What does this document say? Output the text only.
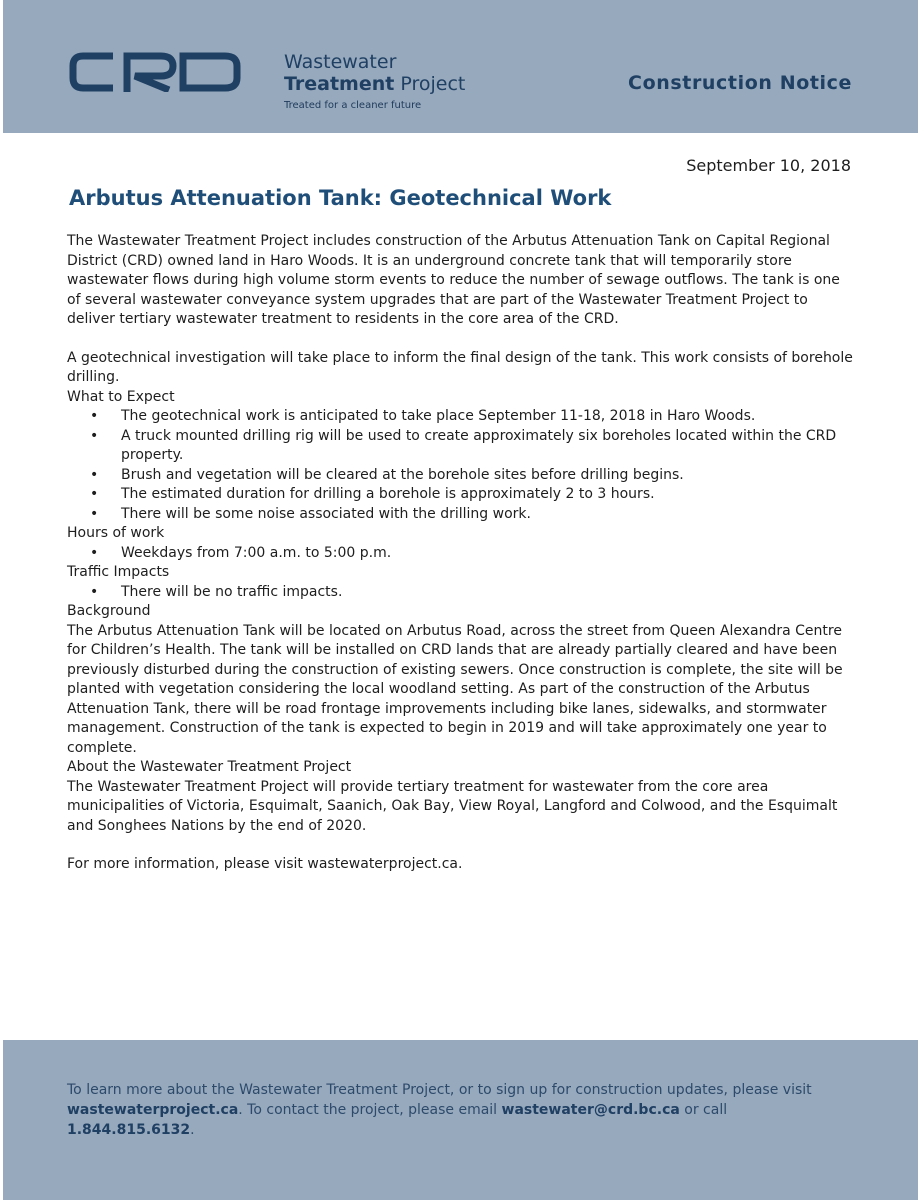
Wastewater
Treatment Project
Treated for a cleaner future
Construction Notice
September 10, 2018
Arbutus Attenuation Tank: Geotechnical Work

The Wastewater Treatment Project includes construction of the Arbutus Attenuation Tank on Capital Regional District (CRD) owned land in Haro Woods. It is an underground concrete tank that will temporarily store wastewater flows during high volume storm events to reduce the number of sewage outflows. The tank is one of several wastewater conveyance system upgrades that are part of the Wastewater Treatment Project to deliver tertiary wastewater treatment to residents in the core area of the CRD.

A geotechnical investigation will take place to inform the final design of the tank. This work consists of borehole drilling.

What to Expect

• The geotechnical work is anticipated to take place September 11-18, 2018 in Haro Woods.
• A truck mounted drilling rig will be used to create approximately six boreholes located within the CRD property.
• Brush and vegetation will be cleared at the borehole sites before drilling begins.
• The estimated duration for drilling a borehole is approximately 2 to 3 hours.
• There will be some noise associated with the drilling work.

Hours of work

• Weekdays from 7:00 a.m. to 5:00 p.m.

Traffic Impacts

• There will be no traffic impacts.

Background

The Arbutus Attenuation Tank will be located on Arbutus Road, across the street from Queen Alexandra Centre for Children’s Health. The tank will be installed on CRD lands that are already partially cleared and have been previously disturbed during the construction of existing sewers. Once construction is complete, the site will be planted with vegetation considering the local woodland setting. As part of the construction of the Arbutus Attenuation Tank, there will be road frontage improvements including bike lanes, sidewalks, and stormwater management. Construction of the tank is expected to begin in 2019 and will take approximately one year to complete.

About the Wastewater Treatment Project

The Wastewater Treatment Project will provide tertiary treatment for wastewater from the core area municipalities of Victoria, Esquimalt, Saanich, Oak Bay, View Royal, Langford and Colwood, and the Esquimalt and Songhees Nations by the end of 2020.

For more information, please visit wastewaterproject.ca.

To learn more about the Wastewater Treatment Project, or to sign up for construction updates, please visit wastewaterproject.ca. To contact the project, please email wastewater@crd.bc.ca or call 1.844.815.6132.
